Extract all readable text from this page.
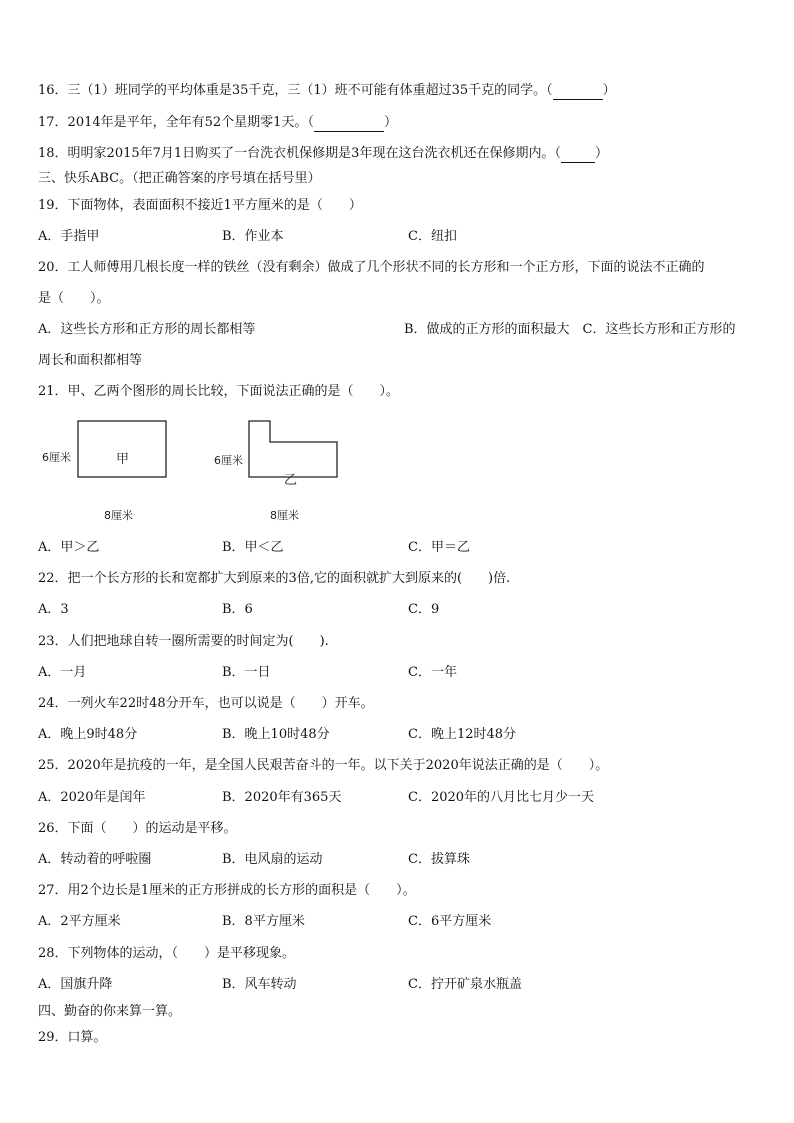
16．三（1）班同学的平均体重是35千克，三（1）班不可能有体重超过35千克的同学。（	）
17．2014年是平年，全年有52个星期零1天。（	）
18．明明家2015年7月1日购买了一台洗衣机保修期是3年现在这台洗衣机还在保修期内。（	）
三、快乐ABC。（把正确答案的序号填在括号里）
19．下面物体，表面面积不接近1平方厘米的是（　　）
A．手指甲	B．作业本	C．纽扣
20．工人师傅用几根长度一样的铁丝（没有剩余）做成了几个形状不同的长方形和一个正方形，下面的说法不正确的
是（　　）。
A．这些长方形和正方形的周长都相等	B．做成的正方形的面积最大　C．这些长方形和正方形的
周长和面积都相等
21．甲、乙两个图形的周长比较，下面说法正确的是（　　）。
6厘米	甲
8厘米
6厘米
乙
8厘米
A．甲＞乙	B．甲＜乙	C．甲＝乙
22．把一个长方形的长和宽都扩大到原来的3倍,它的面积就扩大到原来的(　　)倍.
A．3	B．6	C．9
23．人们把地球自转一圈所需要的时间定为(　　).
A．一月	B．一日	C．一年
24．一列火车22时48分开车，也可以说是（　　）开车。
A．晚上9时48分	B．晚上10时48分	C．晚上12时48分
25．2020年是抗疫的一年，是全国人民艰苦奋斗的一年。以下关于2020年说法正确的是（　　）。
A．2020年是闰年	B．2020年有365天	C．2020年的八月比七月少一天
26．下面（　　）的运动是平移。
A．转动着的呼啦圈	B．电风扇的运动	C．拔算珠
27．用2个边长是1厘米的正方形拼成的长方形的面积是（　　）。
A．2平方厘米	B．8平方厘米	C．6平方厘米
28．下列物体的运动，（　　）是平移现象。
A．国旗升降	B．风车转动	C．拧开矿泉水瓶盖
四、勤奋的你来算一算。
29．口算。
